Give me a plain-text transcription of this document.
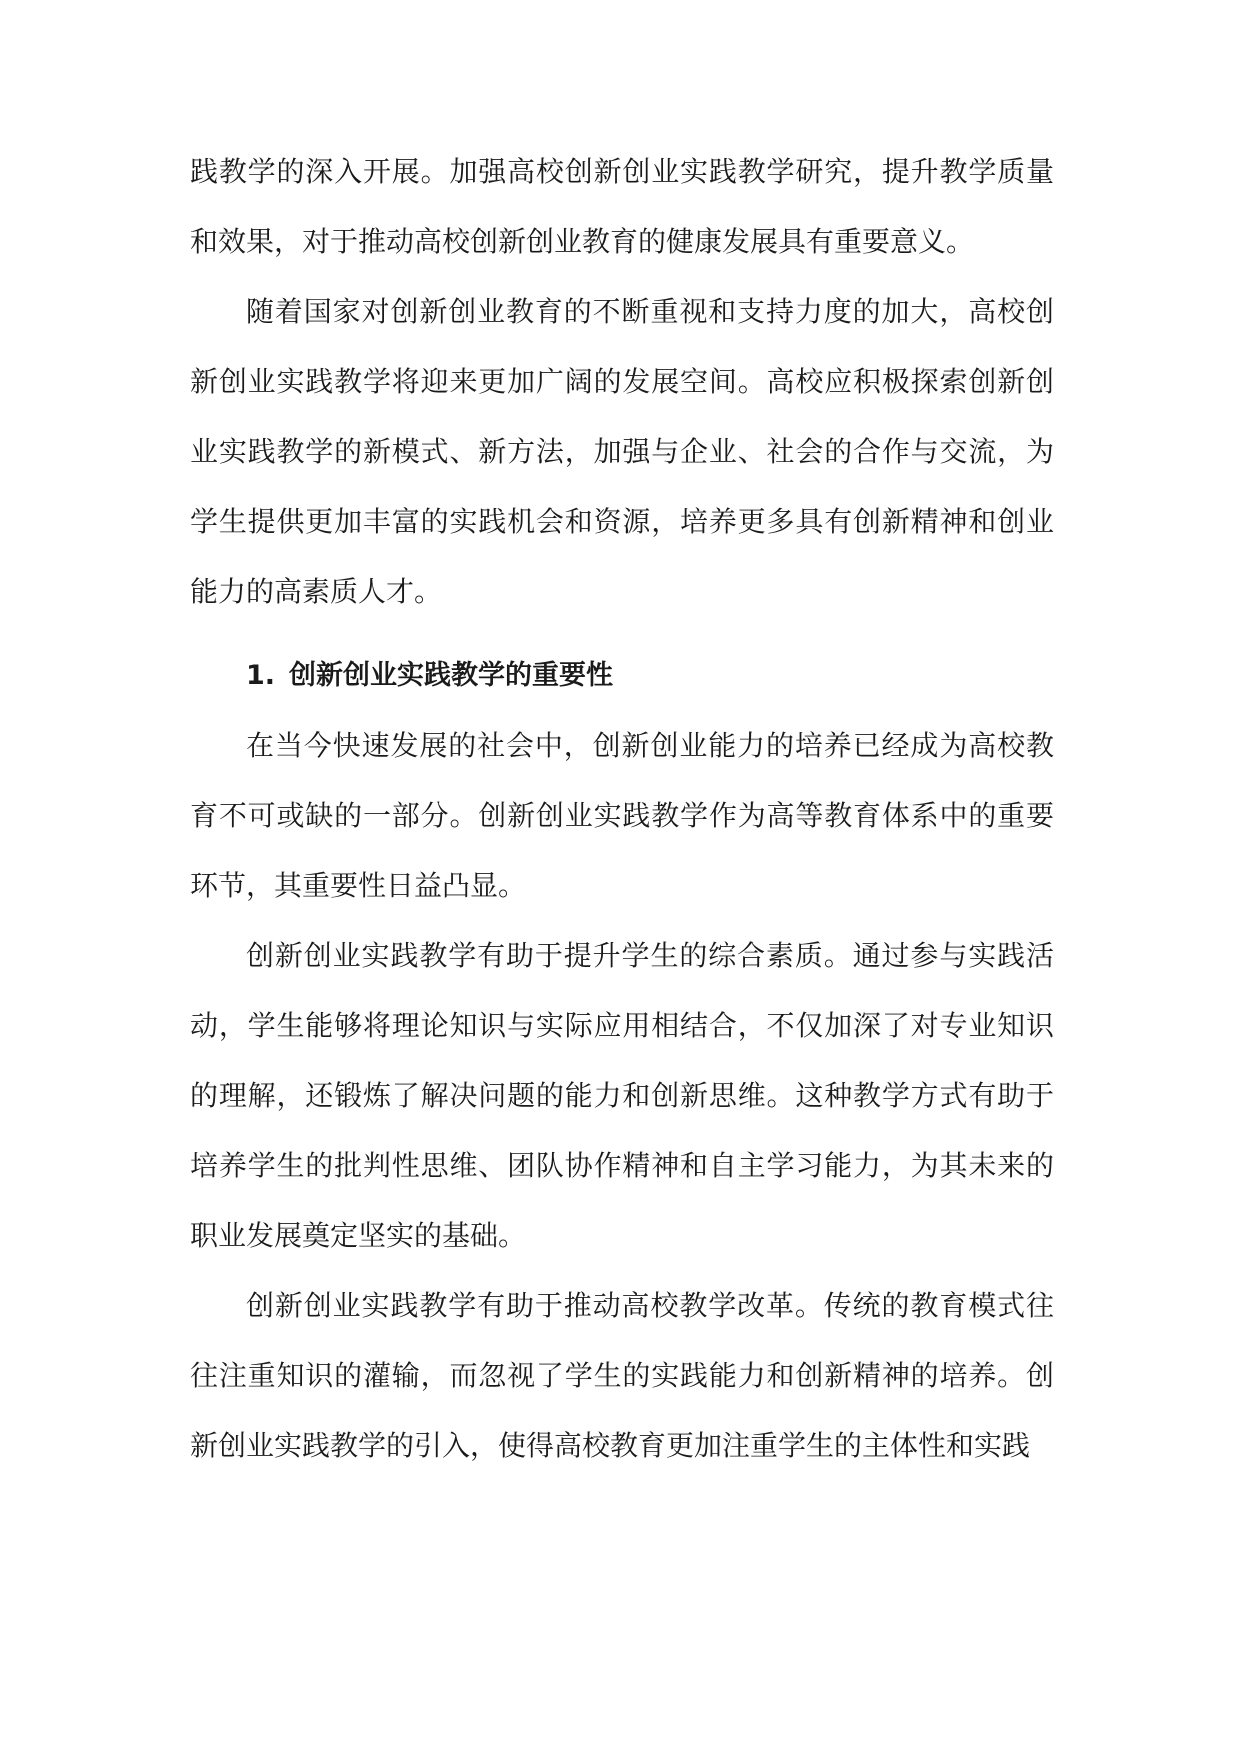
践教学的深入开展。加强高校创新创业实践教学研究，提升教学质量和效果，对于推动高校创新创业教育的健康发展具有重要意义。

随着国家对创新创业教育的不断重视和支持力度的加大，高校创新创业实践教学将迎来更加广阔的发展空间。高校应积极探索创新创业实践教学的新模式、新方法，加强与企业、社会的合作与交流，为学生提供更加丰富的实践机会和资源，培养更多具有创新精神和创业能力的高素质人才。

1. 创新创业实践教学的重要性

在当今快速发展的社会中，创新创业能力的培养已经成为高校教育不可或缺的一部分。创新创业实践教学作为高等教育体系中的重要环节，其重要性日益凸显。

创新创业实践教学有助于提升学生的综合素质。通过参与实践活动，学生能够将理论知识与实际应用相结合，不仅加深了对专业知识的理解，还锻炼了解决问题的能力和创新思维。这种教学方式有助于培养学生的批判性思维、团队协作精神和自主学习能力，为其未来的职业发展奠定坚实的基础。

创新创业实践教学有助于推动高校教学改革。传统的教育模式往往注重知识的灌输，而忽视了学生的实践能力和创新精神的培养。创新创业实践教学的引入，使得高校教育更加注重学生的主体性和实践
